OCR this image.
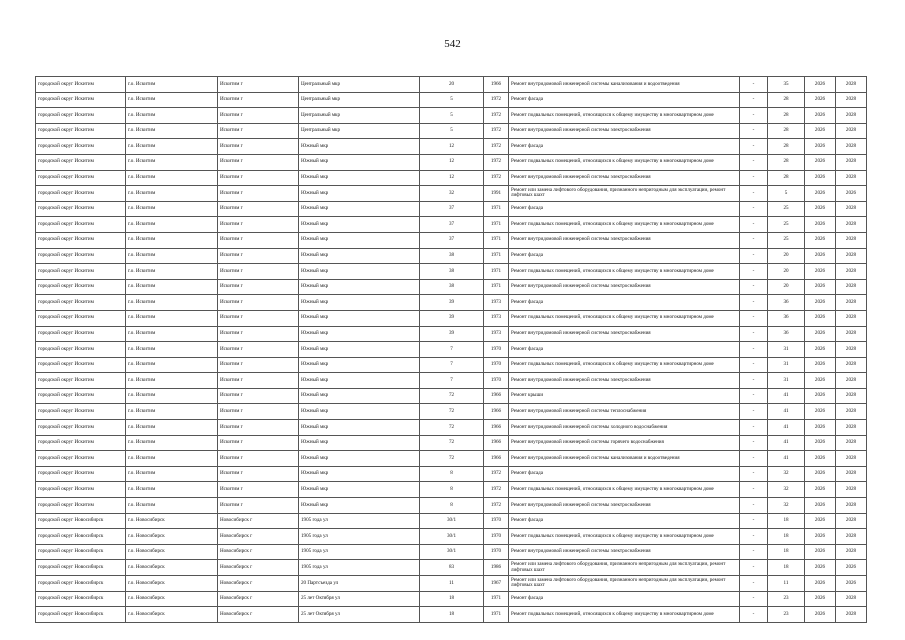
542
городской округ Искитим	г.о. Искитим	Искитим г	Центральный мкр	20	1966	Ремонт внутридомовой инженерной системы канализования и водоотведения	-	35	2026	2028
городской округ Искитим	г.о. Искитим	Искитим г	Центральный мкр	5	1972	Ремонт фасада	-	28	2026	2028
городской округ Искитим	г.о. Искитим	Искитим г	Центральный мкр	5	1972	Ремонт подвальных помещений, относящихся к общему имуществу в многоквартирном доме	-	28	2026	2028
городской округ Искитим	г.о. Искитим	Искитим г	Центральный мкр	5	1972	Ремонт внутридомовой инженерной системы электроснабжения	-	28	2026	2028
городской округ Искитим	г.о. Искитим	Искитим г	Южный мкр	12	1972	Ремонт фасада	-	28	2026	2028
городской округ Искитим	г.о. Искитим	Искитим г	Южный мкр	12	1972	Ремонт подвальных помещений, относящихся к общему имуществу в многоквартирном доме	-	28	2026	2028
городской округ Искитим	г.о. Искитим	Искитим г	Южный мкр	12	1972	Ремонт внутридомовой инженерной системы электроснабжения	-	28	2026	2028
городской округ Искитим	г.о. Искитим	Искитим г	Южный мкр	32	1991	Ремонт или замена лифтового оборудования, признанного непригодным для эксплуатации, ремонт лифтовых шахт	-	5	2026	2026
городской округ Искитим	г.о. Искитим	Искитим г	Южный мкр	37	1971	Ремонт фасада	-	25	2026	2028
городской округ Искитим	г.о. Искитим	Искитим г	Южный мкр	37	1971	Ремонт подвальных помещений, относящихся к общему имуществу в многоквартирном доме	-	25	2026	2028
городской округ Искитим	г.о. Искитим	Искитим г	Южный мкр	37	1971	Ремонт внутридомовой инженерной системы электроснабжения	-	25	2026	2028
городской округ Искитим	г.о. Искитим	Искитим г	Южный мкр	38	1971	Ремонт фасада	-	20	2026	2028
городской округ Искитим	г.о. Искитим	Искитим г	Южный мкр	38	1971	Ремонт подвальных помещений, относящихся к общему имуществу в многоквартирном доме	-	20	2026	2028
городской округ Искитим	г.о. Искитим	Искитим г	Южный мкр	38	1971	Ремонт внутридомовой инженерной системы электроснабжения	-	20	2026	2028
городской округ Искитим	г.о. Искитим	Искитим г	Южный мкр	39	1973	Ремонт фасада	-	36	2026	2028
городской округ Искитим	г.о. Искитим	Искитим г	Южный мкр	39	1973	Ремонт подвальных помещений, относящихся к общему имуществу в многоквартирном доме	-	36	2026	2028
городской округ Искитим	г.о. Искитим	Искитим г	Южный мкр	39	1973	Ремонт внутридомовой инженерной системы электроснабжения	-	36	2026	2028
городской округ Искитим	г.о. Искитим	Искитим г	Южный мкр	7	1970	Ремонт фасада	-	31	2026	2028
городской округ Искитим	г.о. Искитим	Искитим г	Южный мкр	7	1970	Ремонт подвальных помещений, относящихся к общему имуществу в многоквартирном доме	-	31	2026	2028
городской округ Искитим	г.о. Искитим	Искитим г	Южный мкр	7	1970	Ремонт внутридомовой инженерной системы электроснабжения	-	31	2026	2028
городской округ Искитим	г.о. Искитим	Искитим г	Южный мкр	72	1966	Ремонт крыши	-	41	2026	2028
городской округ Искитим	г.о. Искитим	Искитим г	Южный мкр	72	1966	Ремонт внутридомовой инженерной системы теплоснабжения	-	41	2026	2028
городской округ Искитим	г.о. Искитим	Искитим г	Южный мкр	72	1966	Ремонт внутридомовой инженерной системы холодного водоснабжения	-	41	2026	2028
городской округ Искитим	г.о. Искитим	Искитим г	Южный мкр	72	1966	Ремонт внутридомовой инженерной системы горячего водоснабжения	-	41	2026	2028
городской округ Искитим	г.о. Искитим	Искитим г	Южный мкр	72	1966	Ремонт внутридомовой инженерной системы канализования и водоотведения	-	41	2026	2028
городской округ Искитим	г.о. Искитим	Искитим г	Южный мкр	8	1972	Ремонт фасада	-	32	2026	2028
городской округ Искитим	г.о. Искитим	Искитим г	Южный мкр	8	1972	Ремонт подвальных помещений, относящихся к общему имуществу в многоквартирном доме	-	32	2026	2028
городской округ Искитим	г.о. Искитим	Искитим г	Южный мкр	8	1972	Ремонт внутридомовой инженерной системы электроснабжения	-	32	2026	2028
городской округ Новосибирск	г.о. Новосибирск	Новосибирск г	1905 года ул	30/1	1970	Ремонт фасада	-	18	2026	2028
городской округ Новосибирск	г.о. Новосибирск	Новосибирск г	1905 года ул	30/1	1970	Ремонт подвальных помещений, относящихся к общему имуществу в многоквартирном доме	-	18	2026	2028
городской округ Новосибирск	г.о. Новосибирск	Новосибирск г	1905 года ул	30/1	1970	Ремонт внутридомовой инженерной системы электроснабжения	-	18	2026	2028
городской округ Новосибирск	г.о. Новосибирск	Новосибирск г	1905 года ул	83	1986	Ремонт или замена лифтового оборудования, признанного непригодным для эксплуатации, ремонт лифтовых шахт	-	18	2026	2026
городской округ Новосибирск	г.о. Новосибирск	Новосибирск г	20 Партсъезда ул	11	1967	Ремонт или замена лифтового оборудования, признанного непригодным для эксплуатации, ремонт лифтовых шахт	-	11	2026	2026
городской округ Новосибирск	г.о. Новосибирск	Новосибирск г	25 лет Октября ул	18	1971	Ремонт фасада	-	23	2026	2028
городской округ Новосибирск	г.о. Новосибирск	Новосибирск г	25 лет Октября ул	18	1971	Ремонт подвальных помещений, относящихся к общему имуществу в многоквартирном доме	-	23	2026	2028
